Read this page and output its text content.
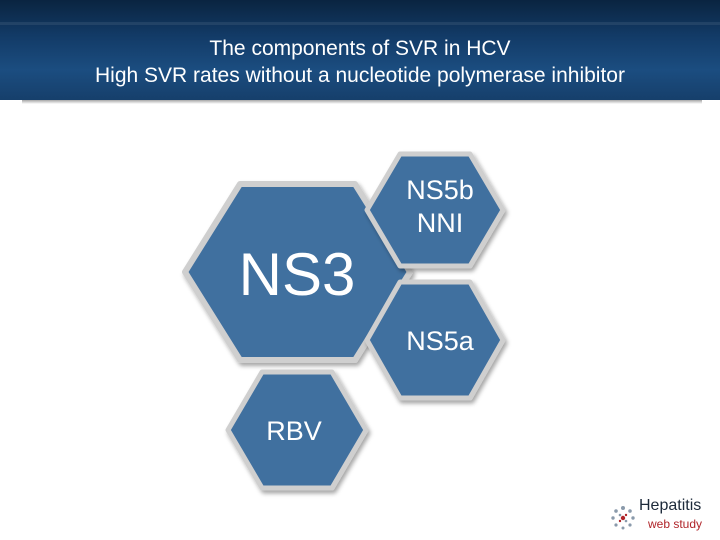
The components of SVR in HCV
High SVR rates without a nucleotide polymerase inhibitor
NS3
NS5b
NNI
NS5a
RBV
Hepatitis
web study
